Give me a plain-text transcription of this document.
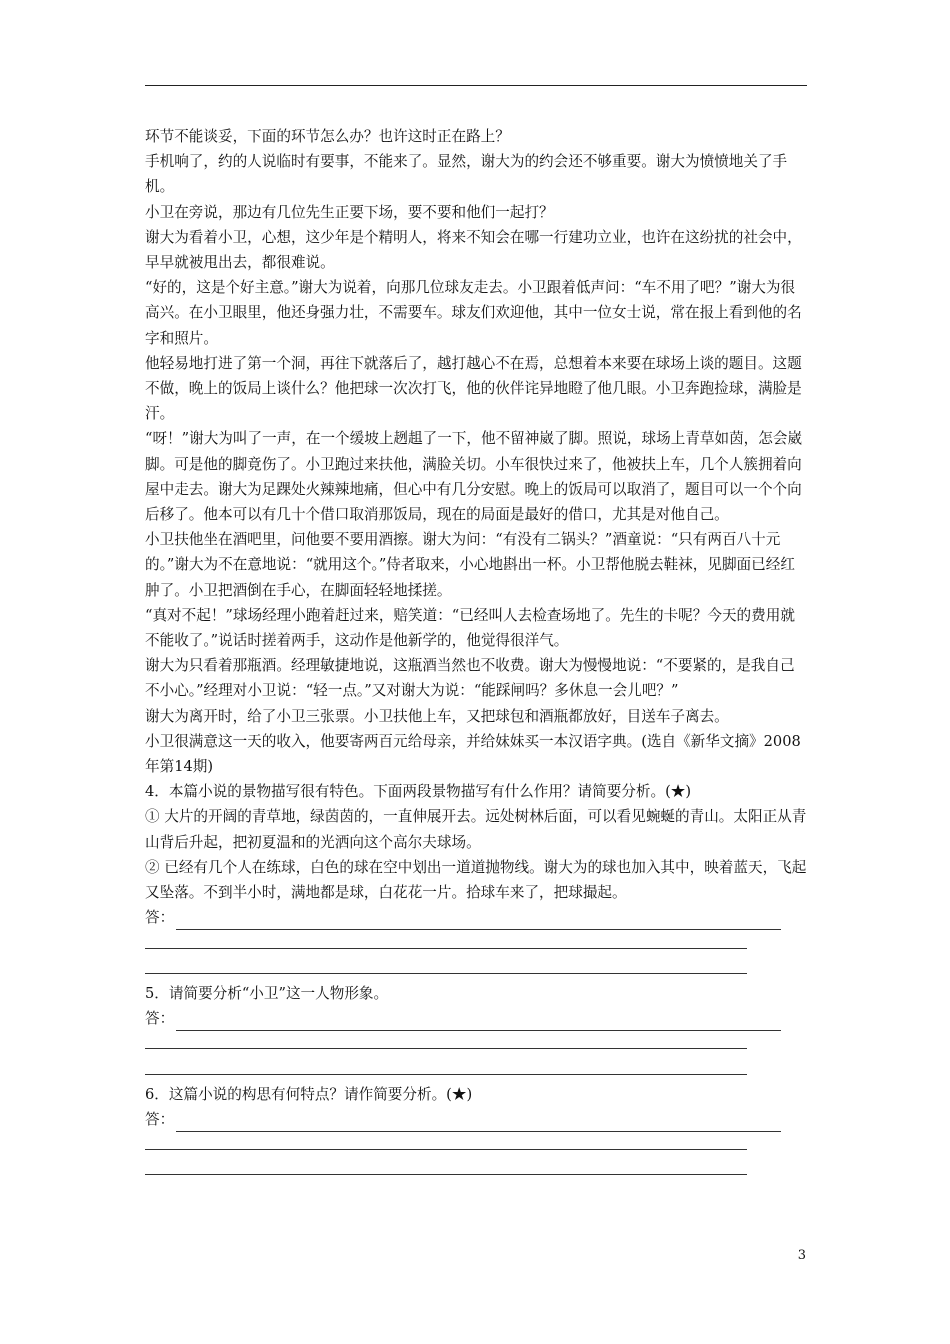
环节不能谈妥，下面的环节怎么办？也许这时正在路上？

手机响了，约的人说临时有要事，不能来了。显然，谢大为的约会还不够重要。谢大为愤愤地关了手机。

小卫在旁说，那边有几位先生正要下场，要不要和他们一起打？

谢大为看着小卫，心想，这少年是个精明人，将来不知会在哪一行建功立业，也许在这纷扰的社会中，早早就被甩出去，都很难说。

“好的，这是个好主意。”谢大为说着，向那几位球友走去。小卫跟着低声问：“车不用了吧？”谢大为很高兴。在小卫眼里，他还身强力壮，不需要车。球友们欢迎他，其中一位女士说，常在报上看到他的名字和照片。

他轻易地打进了第一个洞，再往下就落后了，越打越心不在焉，总想着本来要在球场上谈的题目。这题不做，晚上的饭局上谈什么？他把球一次次打飞，他的伙伴诧异地瞪了他几眼。小卫奔跑捡球，满脸是汗。

“呀！”谢大为叫了一声，在一个缓坡上趔趄了一下，他不留神崴了脚。照说，球场上青草如茵，怎会崴脚。可是他的脚竟伤了。小卫跑过来扶他，满脸关切。小车很快过来了，他被扶上车，几个人簇拥着向屋中走去。谢大为足踝处火辣辣地痛，但心中有几分安慰。晚上的饭局可以取消了，题目可以一个个向后移了。他本可以有几十个借口取消那饭局，现在的局面是最好的借口，尤其是对他自己。

小卫扶他坐在酒吧里，问他要不要用酒擦。谢大为问：“有没有二锅头？”酒童说：“只有两百八十元的。”谢大为不在意地说：“就用这个。”侍者取来，小心地斟出一杯。小卫帮他脱去鞋袜，见脚面已经红肿了。小卫把酒倒在手心，在脚面轻轻地揉搓。

“真对不起！”球场经理小跑着赶过来，赔笑道：“已经叫人去检查场地了。先生的卡呢？今天的费用就不能收了。”说话时搓着两手，这动作是他新学的，他觉得很洋气。

谢大为只看着那瓶酒。经理敏捷地说，这瓶酒当然也不收费。谢大为慢慢地说：“不要紧的，是我自己不小心。”经理对小卫说：“轻一点。”又对谢大为说：“能踩闸吗？多休息一会儿吧？”

谢大为离开时，给了小卫三张票。小卫扶他上车，又把球包和酒瓶都放好，目送车子离去。

小卫很满意这一天的收入，他要寄两百元给母亲，并给妹妹买一本汉语字典。(选自《新华文摘》2008年第14期)

4．本篇小说的景物描写很有特色。下面两段景物描写有什么作用？请简要分析。(★)

① 大片的开阔的青草地，绿茵茵的，一直伸展开去。远处树林后面，可以看见蜿蜒的青山。太阳正从青山背后升起，把初夏温和的光洒向这个高尔夫球场。

② 已经有几个人在练球，白色的球在空中划出一道道抛物线。谢大为的球也加入其中，映着蓝天，飞起又坠落。不到半小时，满地都是球，白花花一片。拾球车来了，把球撮起。

答：

5．请简要分析“小卫”这一人物形象。

答：

6．这篇小说的构思有何特点？请作简要分析。(★)

答：
3
